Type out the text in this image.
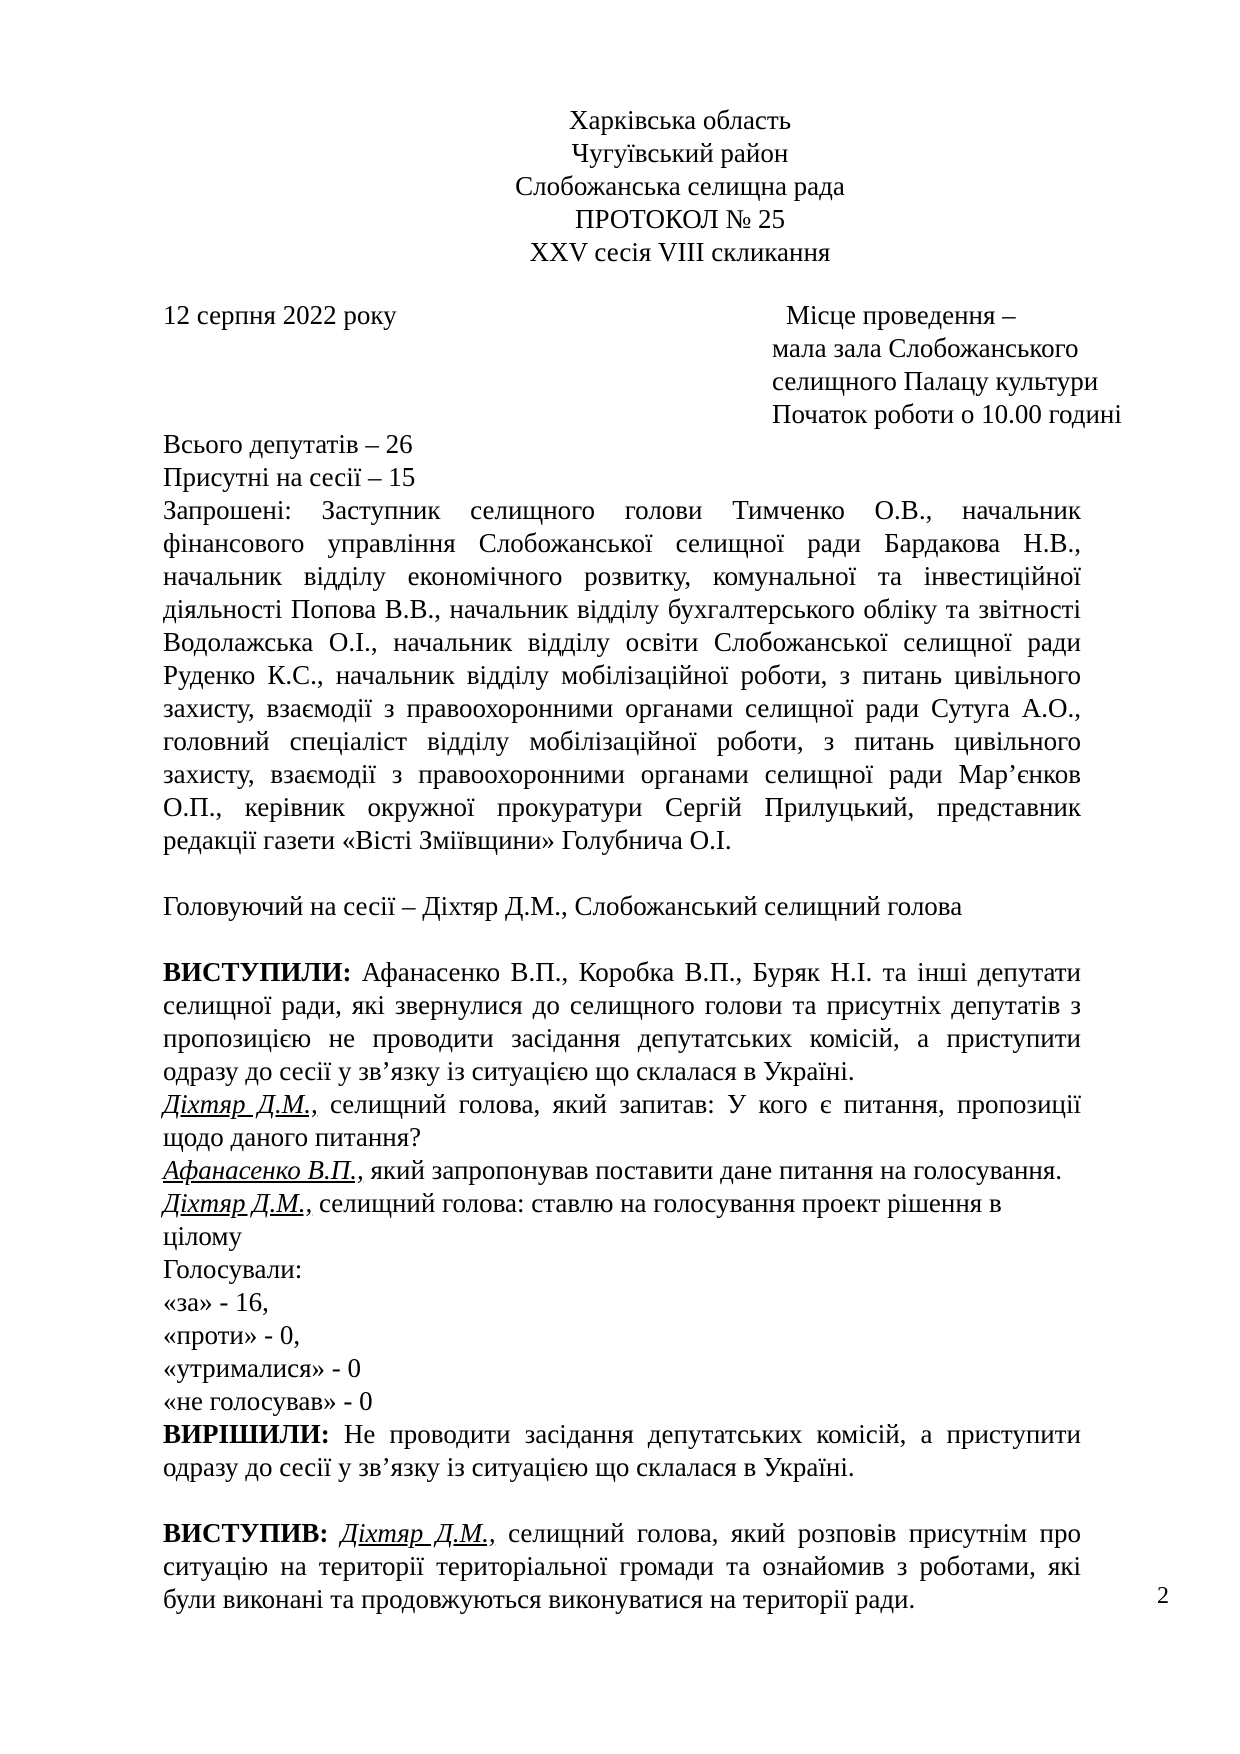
Харківська область
Чугуївський район
Слобожанська селищна рада
ПРОТОКОЛ № 25
XXV сесія VIII скликання
12 серпня 2022 року	Місце проведення –
мала зала Слобожанського
селищного Палацу культури
Початок роботи о 10.00 годині
Всього депутатів – 26
Присутні на сесії – 15
Запрошені: Заступник селищного голови Тимченко О.В., начальник фінансового управління Слобожанської селищної ради Бардакова Н.В., начальник відділу економічного розвитку, комунальної та інвестиційної діяльності Попова В.В., начальник відділу бухгалтерського обліку та звітності Водолажська О.І., начальник відділу освіти Слобожанської селищної ради Руденко К.С., начальник відділу мобілізаційної роботи, з питань цивільного захисту, взаємодії з правоохоронними органами селищної ради Сутуга А.О., головний спеціаліст відділу мобілізаційної роботи, з питань цивільного захисту, взаємодії з правоохоронними органами селищної ради Мар’єнков О.П., керівник окружної прокуратури Сергій Прилуцький, представник редакції газети «Вісті Зміївщини» Голубнича О.І.
Головуючий на сесії – Діхтяр Д.М., Слобожанський селищний голова
ВИСТУПИЛИ: Афанасенко В.П., Коробка В.П., Буряк Н.І. та інші депутати селищної ради, які звернулися до селищного голови та присутніх депутатів з пропозицією не проводити засідання депутатських комісій, а приступити одразу до сесії у зв’язку із ситуацією що склалася в Україні.
Діхтяр Д.М., селищний голова, який запитав: У кого є питання, пропозиції щодо даного питання?
Афанасенко В.П., який запропонував поставити дане питання на голосування.
Діхтяр Д.М., селищний голова: ставлю на голосування проект рішення в цілому
Голосували:
«за» - 16,
«проти» - 0,
«утрималися» - 0
«не голосував» - 0
ВИРІШИЛИ: Не проводити засідання депутатських комісій, а приступити одразу до сесії у зв’язку із ситуацією що склалася в Україні.
ВИСТУПИВ: Діхтяр Д.М., селищний голова, який розповів присутнім про ситуацію на території територіальної громади та ознайомив з роботами, які були виконані та продовжуються виконуватися на території ради.	2
